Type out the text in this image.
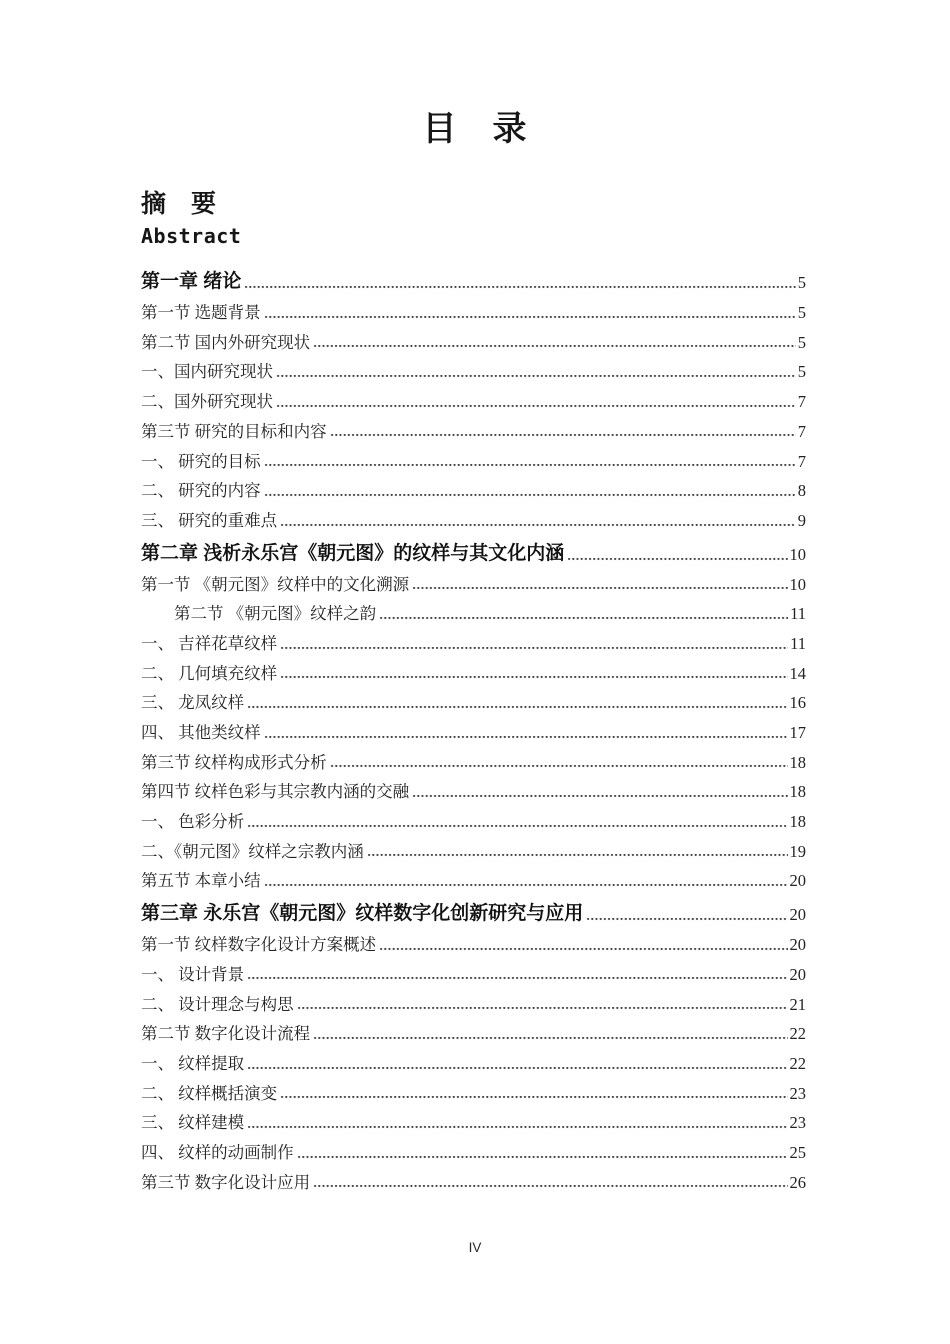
目　录
摘　要
Abstract
第一章 绪论	5
第一节 选题背景	5
第二节 国内外研究现状	5
一、国内研究现状	5
二、国外研究现状	7
第三节 研究的目标和内容	7
一、 研究的目标	7
二、 研究的内容	8
三、 研究的重难点	9
第二章 浅析永乐宫《朝元图》的纹样与其文化内涵	10
第一节 《朝元图》纹样中的文化溯源	10
第二节 《朝元图》纹样之韵	11
一、 吉祥花草纹样	11
二、 几何填充纹样	14
三、 龙凤纹样	16
四、 其他类纹样	17
第三节 纹样构成形式分析	18
第四节 纹样色彩与其宗教内涵的交融	18
一、 色彩分析	18
二、《朝元图》纹样之宗教内涵	19
第五节 本章小结	20
第三章 永乐宫《朝元图》纹样数字化创新研究与应用	20
第一节 纹样数字化设计方案概述	20
一、 设计背景	20
二、 设计理念与构思	21
第二节 数字化设计流程	22
一、 纹样提取	22
二、 纹样概括演变	23
三、 纹样建模	23
四、 纹样的动画制作	25
第三节 数字化设计应用	26
IV
